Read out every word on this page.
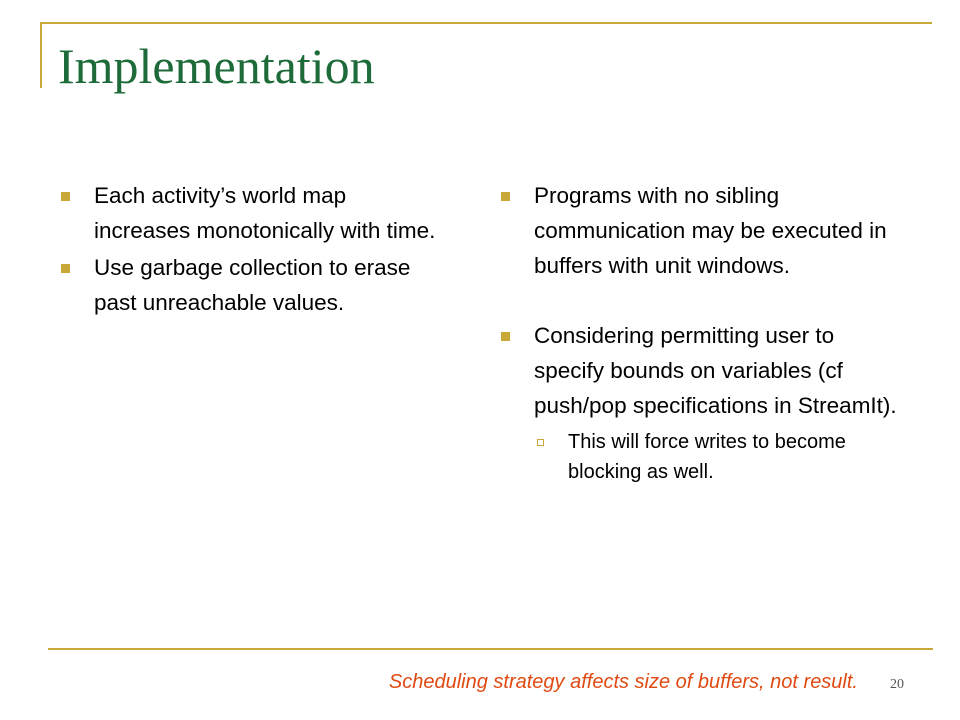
Implementation
Each activity’s world map increases monotonically with time.
Use garbage collection to erase past unreachable values.
Programs with no sibling communication may be executed in buffers with unit windows.
Considering permitting user to specify bounds on variables (cf push/pop specifications in StreamIt).
This will force writes to become blocking as well.

Scheduling strategy affects size of buffers, not result. 20
